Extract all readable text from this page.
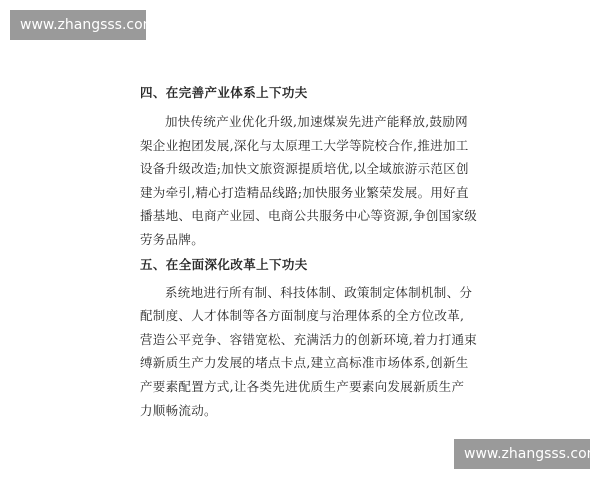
www.zhangsss.com

四、在完善产业体系上下功夫

加快传统产业优化升级,加速煤炭先进产能释放,鼓励网

架企业抱团发展,深化与太原理工大学等院校合作,推进加工

设备升级改造;加快文旅资源提质培优,以全域旅游示范区创

建为牵引,精心打造精品线路;加快服务业繁荣发展。用好直

播基地、电商产业园、电商公共服务中心等资源,争创国家级

劳务品牌。

五、在全面深化改革上下功夫

系统地进行所有制、科技体制、政策制定体制机制、分

配制度、人才体制等各方面制度与治理体系的全方位改革,

营造公平竞争、容错宽松、充满活力的创新环境,着力打通束

缚新质生产力发展的堵点卡点,建立高标准市场体系,创新生

产要素配置方式,让各类先进优质生产要素向发展新质生产

力顺畅流动。

www.zhangsss.com
